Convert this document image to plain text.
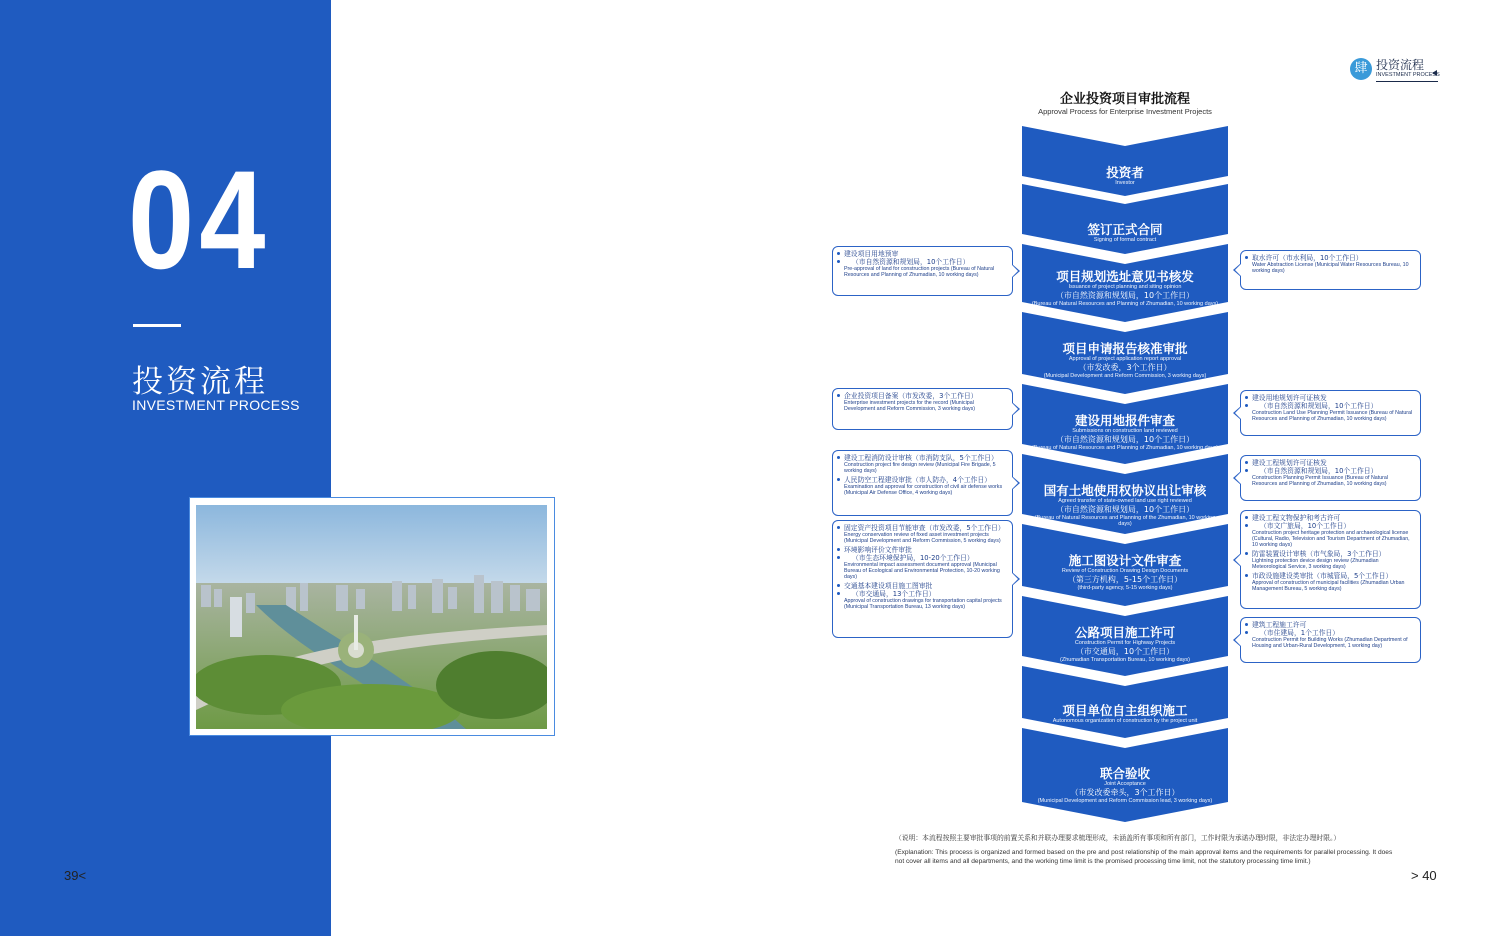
04
投资流程
INVESTMENT PROCESS
39<
肆 投资流程
INVESTMENT PROCESS
企业投资项目审批流程
Approval Process for Enterprise Investment Projects
投资者
Investor
签订正式合同
Signing of formal contract
项目规划选址意见书核发
Issuance of project planning and siting opinion
（市自然资源和规划局，10个工作日）
(Bureau of Natural Resources and Planning of Zhumadian, 10 working days)
项目申请报告核准审批
Approval of project application report approval
（市发改委，3个工作日）
(Municipal Development and Reform Commission, 3 working days)
建设用地报件审查
Submissions on construction land reviewed
（市自然资源和规划局，10个工作日）
(Bureau of Natural Resources and Planning of Zhumadian, 10 working days)
国有土地使用权协议出让审核
Agreed transfer of state-owned land use right reviewed
（市自然资源和规划局，10个工作日）
(Bureau of Natural Resources and Planning of the Zhumadian, 10 working days)
施工图设计文件审查
Review of Construction Drawing Design Documents
（第三方机构，5-15个工作日）
(third-party agency, 5-15 working days)
公路项目施工许可
Construction Permit for Highway Projects
（市交通局，10个工作日）
(Zhumadian Transportation Bureau, 10 working days)
项目单位自主组织施工
Autonomous organization of construction by the project unit
联合验收
Joint Acceptance
（市发改委牵头，3个工作日）
(Municipal Development and Reform Commission lead, 3 working days)
建设项目用地预审
（市自然资源和规划局，10个工作日）
Pre-approval of land for construction projects (Bureau of Natural Resources and Planning of Zhumadian, 10 working days)
企业投资项目备案（市发改委，3个工作日）
Enterprise investment projects for the record (Municipal Development and Reform Commission, 3 working days)
建设工程消防设计审核（市消防支队，5个工作日）
Construction project fire design review (Municipal Fire Brigade, 5 working days)
人民防空工程建设审批（市人防办，4个工作日）
Examination and approval for construction of civil air defense works (Municipal Air Defense Office, 4 working days)
固定资产投资项目节能审查（市发改委，5个工作日）
Energy conservation review of fixed asset investment projects (Municipal Development and Reform Commission, 5 working days)
环境影响评价文件审批
（市生态环境保护局，10-20个工作日）
Environmental impact assessment document approval (Municipal Bureau of Ecological and Environmental Protection, 10-20 working days)
交通基本建设项目施工图审批
（市交通局，13个工作日）
Approval of construction drawings for transportation capital projects (Municipal Transportation Bureau, 13 working days)
取水许可（市水利局，10个工作日）
Water Abstraction License (Municipal Water Resources Bureau, 10 working days)
建设用地规划许可证核发
（市自然资源和规划局，10个工作日）
Construction Land Use Planning Permit Issuance (Bureau of Natural Resources and Planning of Zhumadian, 10 working days)
建设工程规划许可证核发
（市自然资源和规划局，10个工作日）
Construction Planning Permit Issuance (Bureau of Natural Resources and Planning of Zhumadian, 10 working days)
建设工程文物保护和考古许可
（市文广旅局，10个工作日）
Construction project heritage protection and archaeological license (Cultural, Radio, Television and Tourism Department of Zhumadian, 10 working days)
防雷装置设计审核（市气象局，3个工作日）
Lightning protection device design review (Zhumadian Meteorological Service, 3 working days)
市政设施建设类审批（市城管局，5个工作日）
Approval of construction of municipal facilities (Zhumadian Urban Management Bureau, 5 working days)
建筑工程施工许可
（市住建局，1个工作日）
Construction Permit for Building Works (Zhumadian Department of Housing and Urban-Rural Development, 1 working day)
（说明：本流程按照主要审批事项的前置关系和并联办理要求梳理形成，未涵盖所有事项和所有部门，工作时限为承诺办理时限，非法定办理时限。）
(Explanation: This process is organized and formed based on the pre and post relationship of the main approval items and the requirements for parallel processing. It does not cover all items and all departments, and the working time limit is the promised processing time limit, not the statutory processing time limit.)
> 40
